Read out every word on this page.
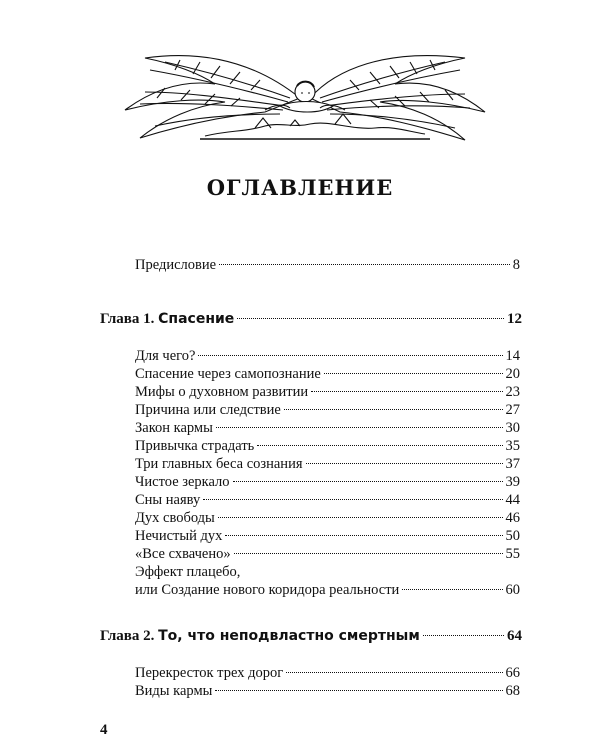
ОГЛАВЛЕНИЕ
Предисловие	8
Глава 1. Спасение	12
Для чего?	14
Спасение через самопознание	20
Мифы о духовном развитии	23
Причина или следствие	27
Закон кармы	30
Привычка страдать	35
Три главных беса сознания	37
Чистое зеркало	39
Сны наяву	44
Дух свободы	46
Нечистый дух	50
«Все схвачено»	55
Эффект плацебо,
или Создание нового коридора реальности	60
Глава 2. То, что неподвластно смертным	64
Перекресток трех дорог	66
Виды кармы	68
4
